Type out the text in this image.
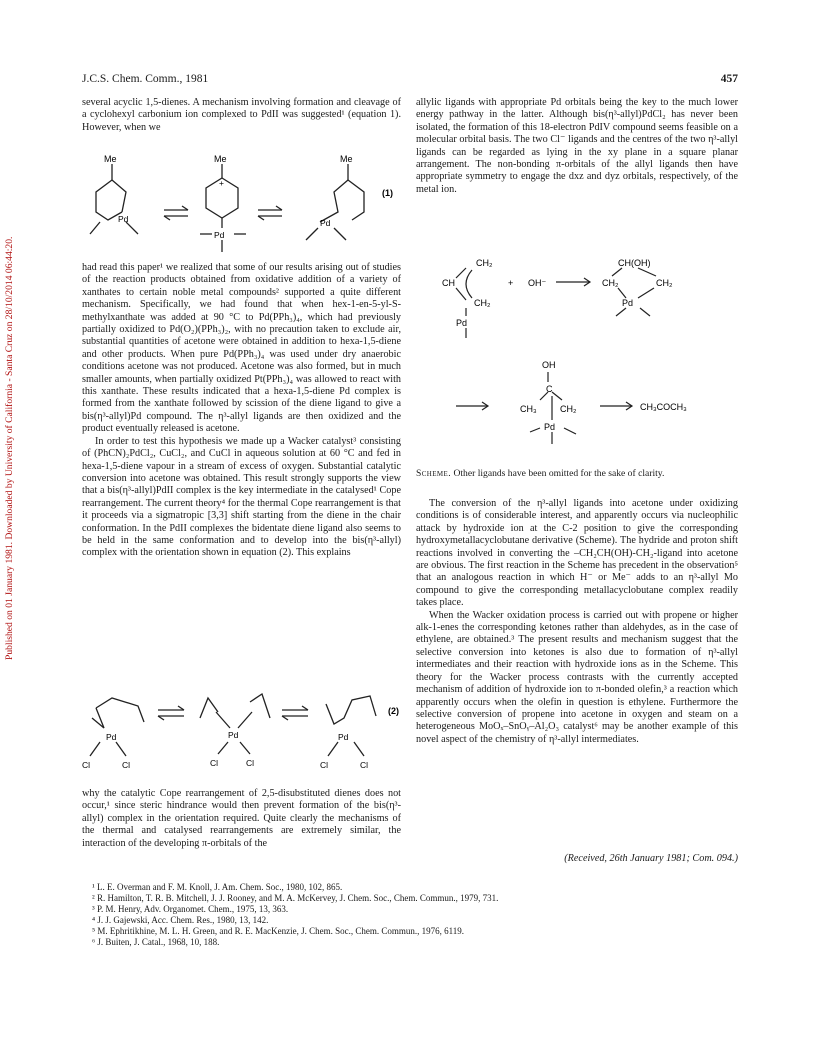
Published on 01 January 1981. Downloaded by University of California - Santa Cruz on 28/10/2014 06:44:20.
J.C.S. Chem. Comm., 1981	457

several acyclic 1,5-dienes. A mechanism involving formation and cleavage of a cyclohexyl carbonium ion complexed to PdII was suggested¹ (equation 1). However, when we

Me
Pd
Me
+
Pd
Me
Pd
(1)

had read this paper¹ we realized that some of our results arising out of studies of the reaction products obtained from oxidative addition of a variety of xanthates to certain noble metal compounds² supported a quite different mechanism. Specifically, we had found that when hex-1-en-5-yl-S-methylxanthate was added at 90 °C to Pd(PPh₃)₄, which had previously partially oxidized to Pd(O₂)(PPh₃)₂, with no precaution taken to exclude air, substantial quantities of acetone were obtained in addition to hexa-1,5-diene and other products. When pure Pd(PPh₃)₄ was used under dry anaerobic conditions acetone was not produced. Acetone was also formed, but in much smaller amounts, when partially oxidized Pt(PPh₃)₄ was allowed to react with this xanthate. These results indicated that a hexa-1,5-diene Pd complex is formed from the xanthate followed by scission of the diene ligand to give a bis(η³-allyl)Pd compound. The η³-allyl ligands are then oxidized and the product eventually released is acetone.

In order to test this hypothesis we made up a Wacker catalyst³ consisting of (PhCN)₂PdCl₂, CuCl₂, and CuCl in aqueous solution at 60 °C and fed in hexa-1,5-diene vapour in a stream of excess of oxygen. Substantial catalytic conversion into acetone was obtained. This result strongly supports the view that a bis(η³-allyl)PdII complex is the key intermediate in the catalysed¹ Cope rearrangement. The current theory⁴ for the thermal Cope rearrangement is that it proceeds via a sigmatropic [3,3] shift starting from the diene in the chair conformation. In the PdII complexes the bidentate diene ligand also seems to be held in the same conformation and to develop into the bis(η³-allyl) complex with the orientation shown in equation (2). This explains

Pd
Cl	Cl
Pd
Cl	Cl
Pd
Cl	Cl
(2)

why the catalytic Cope rearrangement of 2,5-disubstituted dienes does not occur,¹ since steric hindrance would then prevent formation of the bis(η³-allyl) complex in the orientation required. Quite clearly the mechanisms of the thermal and catalysed rearrangements are extremely similar, the interaction of the developing π-orbitals of the

allylic ligands with appropriate Pd orbitals being the key to the much lower energy pathway in the latter. Although bis(η³-allyl)PdCl₂ has never been isolated, the formation of this 18-electron PdIV compound seems feasible on a molecular orbital basis. The two Cl⁻ ligands and the centres of the two η³-allyl ligands can be regarded as lying in the xy plane in a square planar arrangement. The non-bonding π-orbitals of the allyl ligands then have appropriate symmetry to engage the dxz and dyz orbitals, respectively, of the metal ion.

CH₂
CH
CH₂
Pd
+ OH⁻
CH(OH)
CH₂	CH₂
Pd
OH
C
CH₃	CH₂
Pd
CH₃COCH₃
Scheme. Other ligands have been omitted for the sake of clarity.

The conversion of the η³-allyl ligands into acetone under oxidizing conditions is of considerable interest, and apparently occurs via nucleophilic attack by hydroxide ion at the C-2 position to give the corresponding hydroxymetallacyclobutane derivative (Scheme). The hydride and proton shift reactions involved in converting the –CH₂CH(OH)-CH₂-ligand into acetone are obvious. The first reaction in the Scheme has precedent in the observation⁵ that an analogous reaction in which H⁻ or Me⁻ adds to an η³-allyl Mo compound to give the corresponding metallacyclobutane complex readily takes place.

When the Wacker oxidation process is carried out with propene or higher alk-1-enes the corresponding ketones rather than aldehydes, as in the case of ethylene, are obtained.³ The present results and mechanism suggest that the selective conversion into ketones is also due to formation of η³-allyl intermediates and their reaction with hydroxide ions as in the Scheme. This theory for the Wacker process contrasts with the currently accepted mechanism of addition of hydroxide ion to π-bonded olefin,³ a reaction which apparently occurs when the olefin in question is ethylene. Furthermore the selective conversion of propene into acetone in oxygen and steam on a heterogeneous MoOₓ–SnOᵧ–Al₂O₃ catalyst⁶ may be another example of this novel aspect of the chemistry of η³-allyl intermediates.

(Received, 26th January 1981; Com. 094.)
¹ L. E. Overman and F. M. Knoll, J. Am. Chem. Soc., 1980, 102, 865.
² R. Hamilton, T. R. B. Mitchell, J. J. Rooney, and M. A. McKervey, J. Chem. Soc., Chem. Commun., 1979, 731.
³ P. M. Henry, Adv. Organomet. Chem., 1975, 13, 363.
⁴ J. J. Gajewski, Acc. Chem. Res., 1980, 13, 142.
⁵ M. Ephritikhine, M. L. H. Green, and R. E. MacKenzie, J. Chem. Soc., Chem. Commun., 1976, 6119.
⁶ J. Buiten, J. Catal., 1968, 10, 188.
